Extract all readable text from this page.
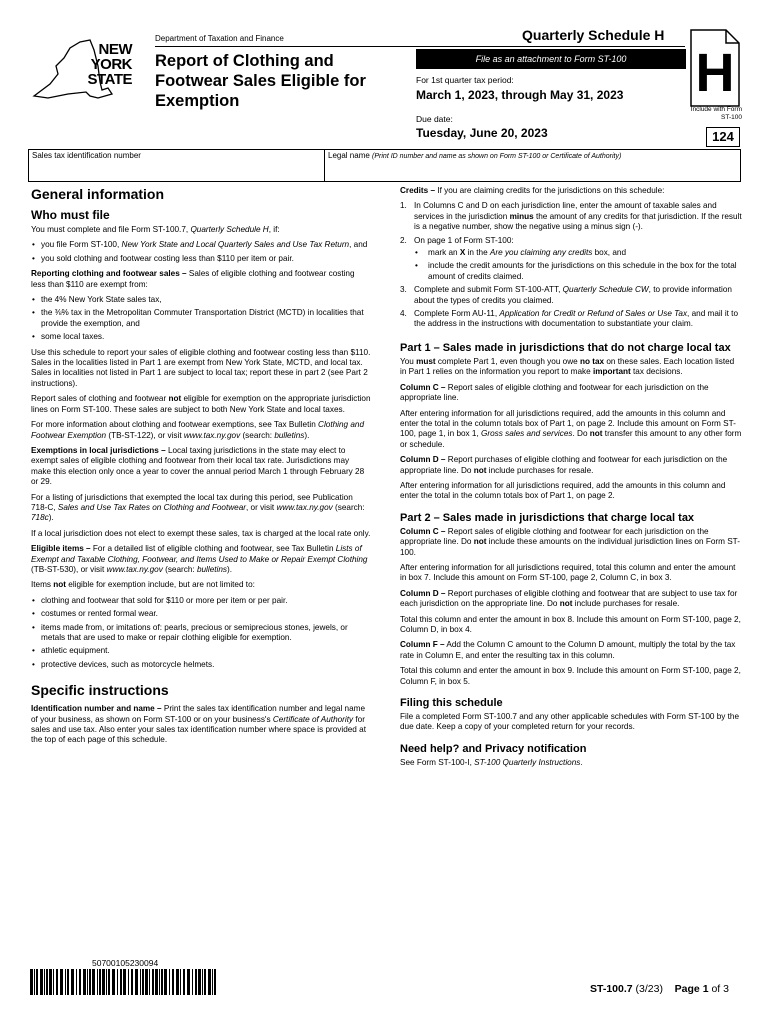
NEW
YORK
STATE
Department of Taxation and Finance	Quarterly Schedule H
Report of Clothing and Footwear Sales Eligible for Exemption
File as an attachment to Form ST-100
For 1st quarter tax period:
March 1, 2023, through May 31, 2023
Due date:
Tuesday, June 20, 2023
H
Include with Form ST-100
124
Sales tax identification number	Legal name (Print ID number and name as shown on Form ST-100 or Certificate of Authority)
General information
Who must file

You must complete and file Form ST-100.7, Quarterly Schedule H, if:

• you file Form ST-100, New York State and Local Quarterly Sales and Use Tax Return, and
• you sold clothing and footwear costing less than $110 per item or pair.

Reporting clothing and footwear sales – Sales of eligible clothing and footwear costing less than $110 are exempt from:

• the 4% New York State sales tax,
• the ⅜% tax in the Metropolitan Commuter Transportation District (MCTD) in localities that provide the exemption, and
• some local taxes.

Use this schedule to report your sales of eligible clothing and footwear costing less than $110. Sales in the localities listed in Part 1 are exempt from New York State, MCTD, and local tax. Sales in localities not listed in Part 1 are subject to local tax; report these in part 2 (see Part 2 instructions).

Report sales of clothing and footwear not eligible for exemption on the appropriate jurisdiction lines on Form ST-100. These sales are subject to both New York State and local taxes.

For more information about clothing and footwear exemptions, see Tax Bulletin Clothing and Footwear Exemption (TB-ST-122), or visit www.tax.ny.gov (search: bulletins).

Exemptions in local jurisdictions – Local taxing jurisdictions in the state may elect to exempt sales of eligible clothing and footwear from their local tax rate. Jurisdictions may make this election only once a year to cover the annual period March 1 through February 28 or 29.

For a listing of jurisdictions that exempted the local tax during this period, see Publication 718-C, Sales and Use Tax Rates on Clothing and Footwear, or visit www.tax.ny.gov (search: 718c).

If a local jurisdiction does not elect to exempt these sales, tax is charged at the local rate only.

Eligible items – For a detailed list of eligible clothing and footwear, see Tax Bulletin Lists of Exempt and Taxable Clothing, Footwear, and Items Used to Make or Repair Exempt Clothing (TB-ST-530), or visit www.tax.ny.gov (search: bulletins).

Items not eligible for exemption include, but are not limited to:

• clothing and footwear that sold for $110 or more per item or per pair.
• costumes or rented formal wear.
• items made from, or imitations of: pearls, precious or semiprecious stones, jewels, or metals that are used to make or repair clothing eligible for exemption.
• athletic equipment.
• protective devices, such as motorcycle helmets.
Specific instructions

Identification number and name – Print the sales tax identification number and legal name of your business, as shown on Form ST-100 or on your business's Certificate of Authority for sales and use tax. Also enter your sales tax identification number where space is provided at the top of each page of this schedule.

Credits – If you are claiming credits for the jurisdictions on this schedule:

1. In Columns C and D on each jurisdiction line, enter the amount of taxable sales and services in the jurisdiction minus the amount of any credits for that jurisdiction. If the result is a negative number, show the negative using a minus sign (-).
2. On page 1 of Form ST-100:
• mark an X in the Are you claiming any credits box, and
• include the credit amounts for the jurisdictions on this schedule in the box for the total amount of credits claimed.
3. Complete and submit Form ST-100-ATT, Quarterly Schedule CW, to provide information about the types of credits you claimed.
4. Complete Form AU-11, Application for Credit or Refund of Sales or Use Tax, and mail it to the address in the instructions with documentation to substantiate your claim.
Part 1 – Sales made in jurisdictions that do not charge local tax

You must complete Part 1, even though you owe no tax on these sales. Each location listed in Part 1 relies on the information you report to make important tax decisions.

Column C – Report sales of eligible clothing and footwear for each jurisdiction on the appropriate line.

After entering information for all jurisdictions required, add the amounts in this column and enter the total in the column totals box of Part 1, on page 2. Include this amount on Form ST-100, page 1, in box 1, Gross sales and services. Do not transfer this amount to any other form or schedule.

Column D – Report purchases of eligible clothing and footwear for each jurisdiction on the appropriate line. Do not include purchases for resale.

After entering information for all jurisdictions required, add the amounts in this column and enter the total in the column totals box of Part 1, on page 2.

Part 2 – Sales made in jurisdictions that charge local tax

Column C – Report sales of eligible clothing and footwear for each jurisdiction on the appropriate line. Do not include these amounts on the individual jurisdiction lines on Form ST-100.

After entering information for all jurisdictions required, total this column and enter the amount in box 7. Include this amount on Form ST-100, page 2, Column C, in box 3.

Column D – Report purchases of eligible clothing and footwear that are subject to use tax for each jurisdiction on the appropriate line. Do not include purchases for resale.

Total this column and enter the amount in box 8. Include this amount on Form ST-100, page 2, Column D, in box 4.

Column F – Add the Column C amount to the Column D amount, multiply the total by the tax rate in Column E, and enter the resulting tax in this column.

Total this column and enter the amount in box 9. Include this amount on Form ST-100, page 2, Column F, in box 5.

Filing this schedule

File a completed Form ST-100.7 and any other applicable schedules with Form ST-100 by the due date. Keep a copy of your completed return for your records.

Need help? and Privacy notification

See Form ST-100-I, ST-100 Quarterly Instructions.

50700105230094
ST-100.7 (3/23) Page 1 of 3
